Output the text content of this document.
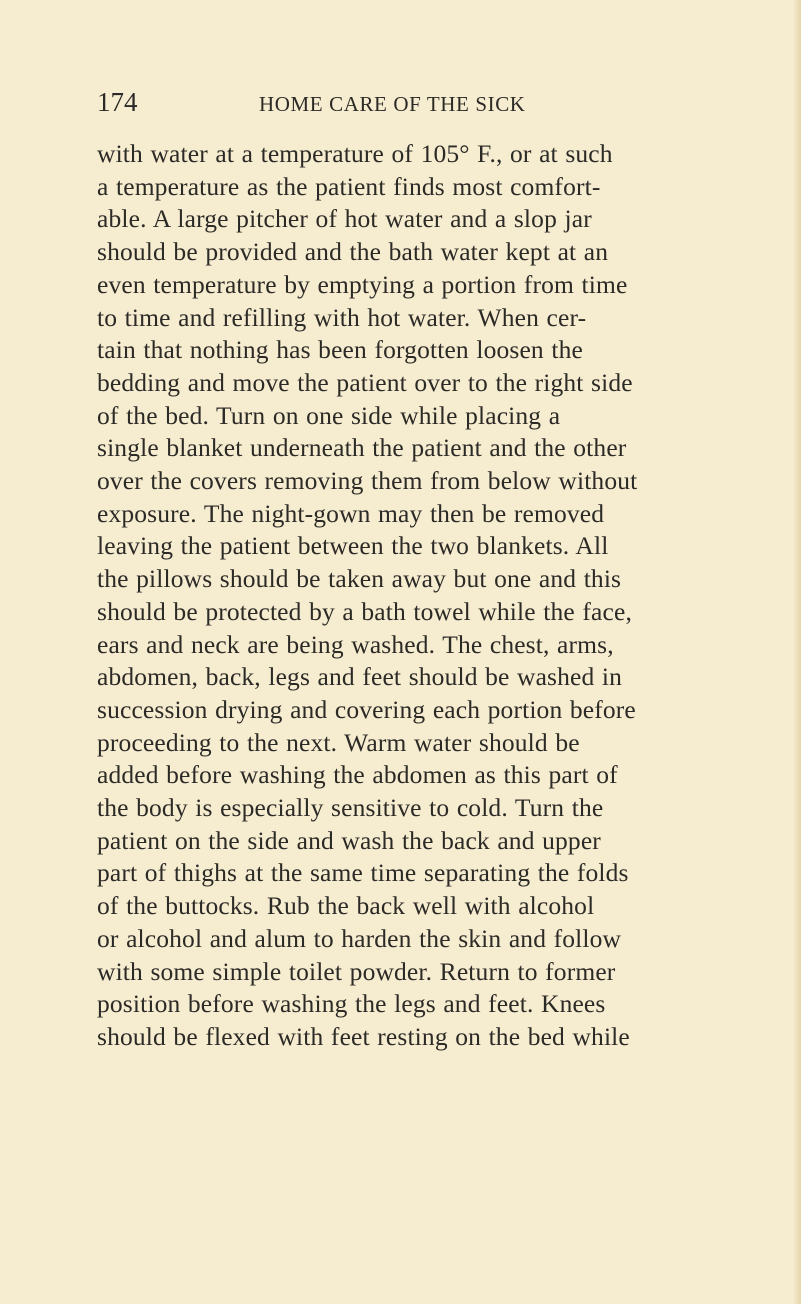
174	HOME CARE OF THE SICK
with water at a temperature of 105° F., or at such
a temperature as the patient finds most comfort-
able. A large pitcher of hot water and a slop jar
should be provided and the bath water kept at an
even temperature by emptying a portion from time
to time and refilling with hot water. When cer-
tain that nothing has been forgotten loosen the
bedding and move the patient over to the right side
of the bed. Turn on one side while placing a
single blanket underneath the patient and the other
over the covers removing them from below without
exposure. The night-gown may then be removed
leaving the patient between the two blankets. All
the pillows should be taken away but one and this
should be protected by a bath towel while the face,
ears and neck are being washed. The chest, arms,
abdomen, back, legs and feet should be washed in
succession drying and covering each portion before
proceeding to the next. Warm water should be
added before washing the abdomen as this part of
the body is especially sensitive to cold. Turn the
patient on the side and wash the back and upper
part of thighs at the same time separating the folds
of the buttocks. Rub the back well with alcohol
or alcohol and alum to harden the skin and follow
with some simple toilet powder. Return to former
position before washing the legs and feet. Knees
should be flexed with feet resting on the bed while
